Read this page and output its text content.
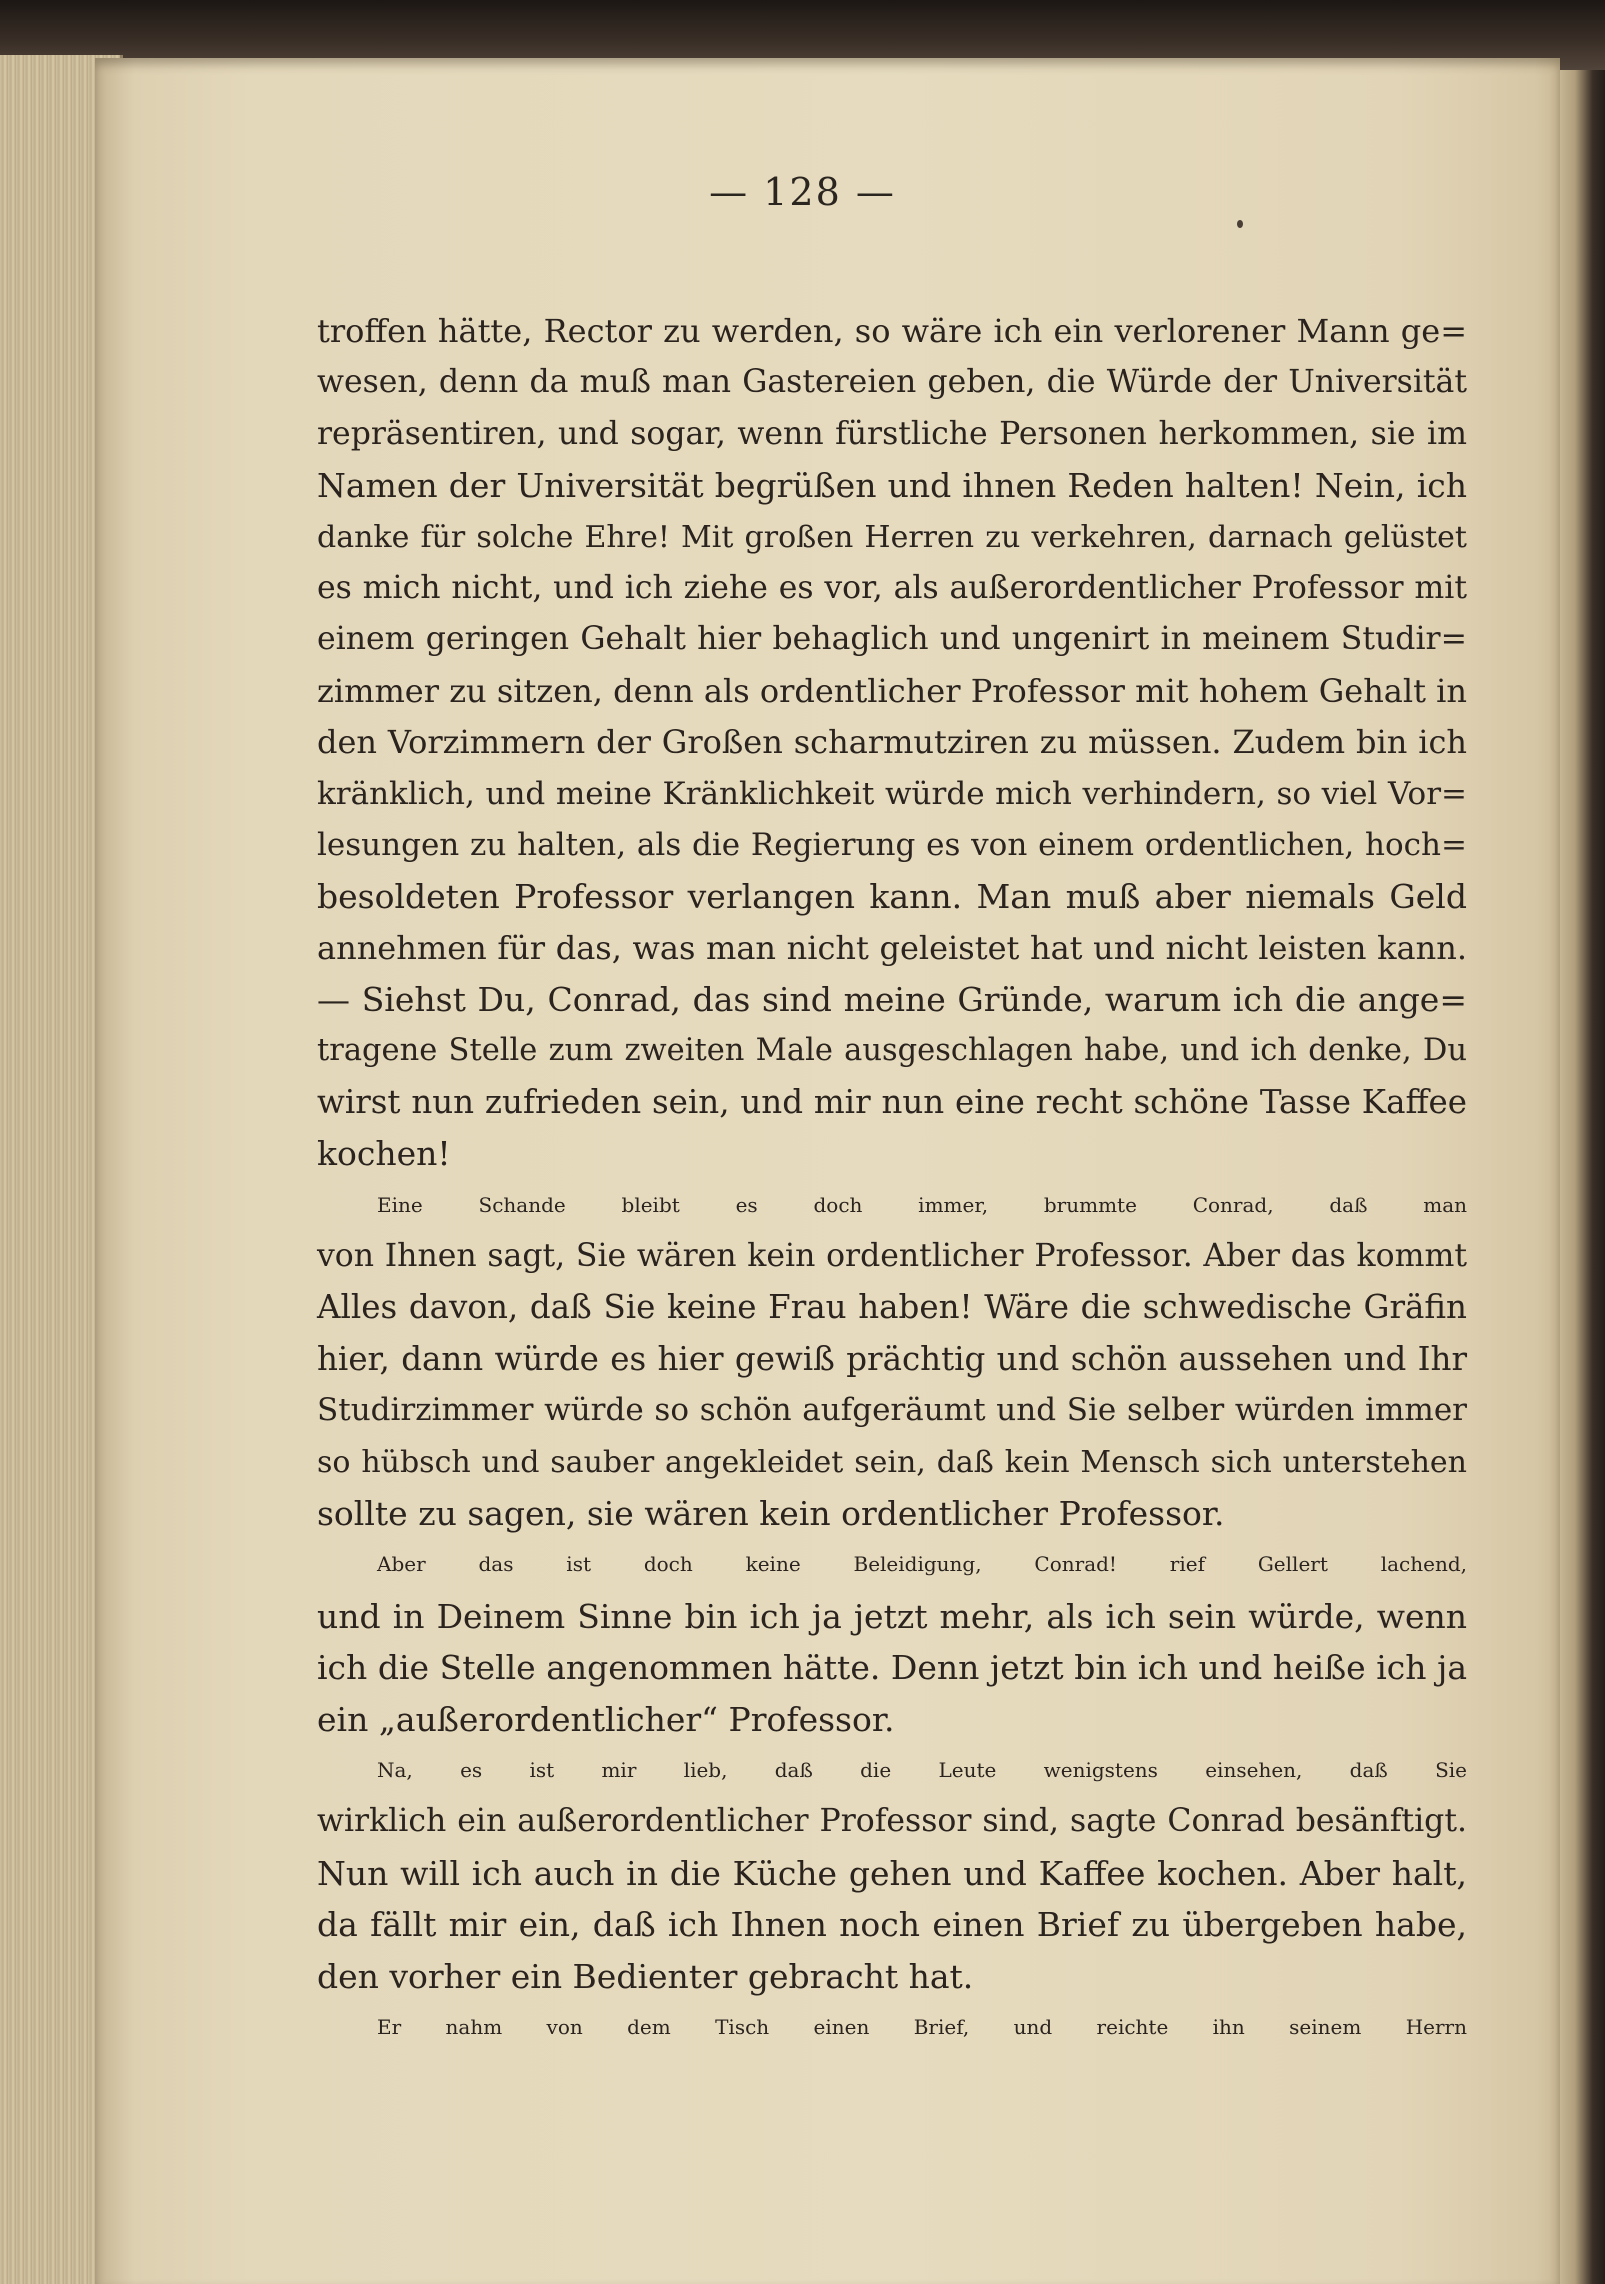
— 128 —
troffen hätte, Rector zu werden, so wäre ich ein verlorener Mann ge=
wesen, denn da muß man Gastereien geben, die Würde der Universität
repräsentiren, und sogar, wenn fürstliche Personen herkommen, sie im
Namen der Universität begrüßen und ihnen Reden halten! Nein, ich
danke für solche Ehre! Mit großen Herren zu verkehren, darnach gelüstet
es mich nicht, und ich ziehe es vor, als außerordentlicher Professor mit
einem geringen Gehalt hier behaglich und ungenirt in meinem Studir=
zimmer zu sitzen, denn als ordentlicher Professor mit hohem Gehalt in
den Vorzimmern der Großen scharmutziren zu müssen. Zudem bin ich
kränklich, und meine Kränklichkeit würde mich verhindern, so viel Vor=
lesungen zu halten, als die Regierung es von einem ordentlichen, hoch=
besoldeten Professor verlangen kann. Man muß aber niemals Geld
annehmen für das, was man nicht geleistet hat und nicht leisten kann.
— Siehst Du, Conrad, das sind meine Gründe, warum ich die ange=
tragene Stelle zum zweiten Male ausgeschlagen habe, und ich denke, Du
wirst nun zufrieden sein, und mir nun eine recht schöne Tasse Kaffee
kochen!
Eine Schande bleibt es doch immer, brummte Conrad, daß man
von Ihnen sagt, Sie wären kein ordentlicher Professor. Aber das kommt
Alles davon, daß Sie keine Frau haben! Wäre die schwedische Gräfin
hier, dann würde es hier gewiß prächtig und schön aussehen und Ihr
Studirzimmer würde so schön aufgeräumt und Sie selber würden immer
so hübsch und sauber angekleidet sein, daß kein Mensch sich unterstehen
sollte zu sagen, sie wären kein ordentlicher Professor.
Aber das ist doch keine Beleidigung, Conrad! rief Gellert lachend,
und in Deinem Sinne bin ich ja jetzt mehr, als ich sein würde, wenn
ich die Stelle angenommen hätte. Denn jetzt bin ich und heiße ich ja
ein „außerordentlicher“ Professor.
Na, es ist mir lieb, daß die Leute wenigstens einsehen, daß Sie
wirklich ein außerordentlicher Professor sind, sagte Conrad besänftigt.
Nun will ich auch in die Küche gehen und Kaffee kochen. Aber halt,
da fällt mir ein, daß ich Ihnen noch einen Brief zu übergeben habe,
den vorher ein Bedienter gebracht hat.
Er nahm von dem Tisch einen Brief, und reichte ihn seinem Herrn
